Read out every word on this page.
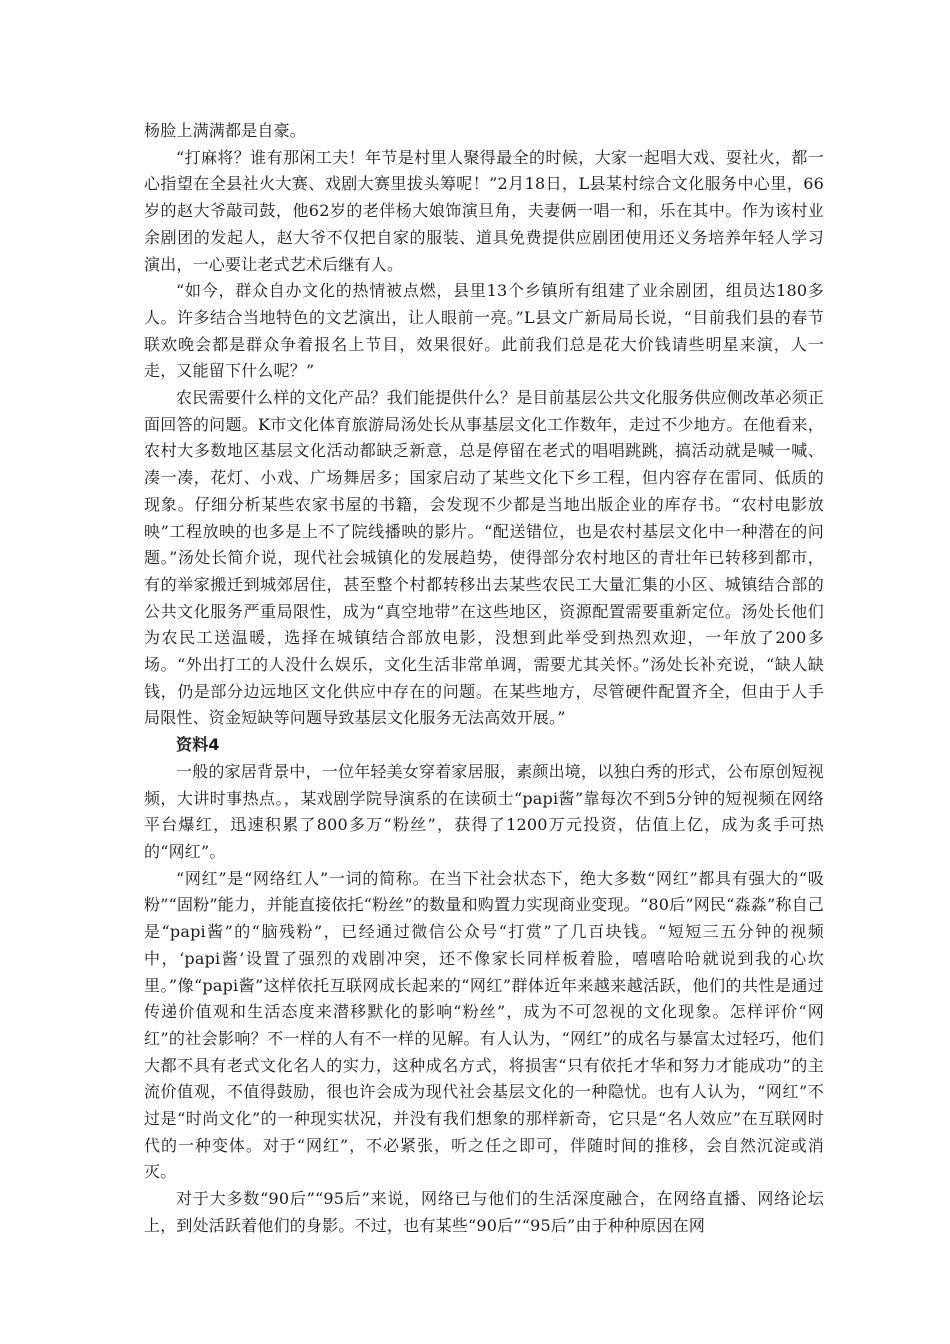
杨脸上满满都是自豪。

“打麻将？谁有那闲工夫！年节是村里人聚得最全的时候，大家一起唱大戏、耍社火，都一心指望在全县社火大赛、戏剧大赛里拔头筹呢！”2月18日，L县某村综合文化服务中心里，66岁的赵大爷敲司鼓，他62岁的老伴杨大娘饰演旦角，夫妻俩一唱一和，乐在其中。作为该村业余剧团的发起人，赵大爷不仅把自家的服装、道具免费提供应剧团使用还义务培养年轻人学习演出，一心要让老式艺术后继有人。

“如今，群众自办文化的热情被点燃，县里13个乡镇所有组建了业余剧团，组员达180多人。许多结合当地特色的文艺演出，让人眼前一亮。”L县文广新局局长说，“目前我们县的春节联欢晚会都是群众争着报名上节目，效果很好。此前我们总是花大价钱请些明星来演，人一走，又能留下什么呢？”

农民需要什么样的文化产品？我们能提供什么？是目前基层公共文化服务供应侧改革必须正面回答的问题。K市文化体育旅游局汤处长从事基层文化工作数年，走过不少地方。在他看来，农村大多数地区基层文化活动都缺乏新意，总是停留在老式的唱唱跳跳，搞活动就是喊一喊、凑一凑，花灯、小戏、广场舞居多；国家启动了某些文化下乡工程，但内容存在雷同、低质的现象。仔细分析某些农家书屋的书籍，会发现不少都是当地出版企业的库存书。“农村电影放映”工程放映的也多是上不了院线播映的影片。“配送错位，也是农村基层文化中一种潜在的问题。”汤处长简介说，现代社会城镇化的发展趋势，使得部分农村地区的青壮年已转移到都市，有的举家搬迁到城郊居住，甚至整个村都转移出去某些农民工大量汇集的小区、城镇结合部的公共文化服务严重局限性，成为“真空地带”在这些地区，资源配置需要重新定位。汤处长他们为农民工送温暖，选择在城镇结合部放电影，没想到此举受到热烈欢迎，一年放了200多场。“外出打工的人没什么娱乐，文化生活非常单调，需要尤其关怀。”汤处长补充说，“缺人缺钱，仍是部分边远地区文化供应中存在的问题。在某些地方，尽管硬件配置齐全，但由于人手局限性、资金短缺等问题导致基层文化服务无法高效开展。”

资料4

一般的家居背景中，一位年轻美女穿着家居服，素颜出境，以独白秀的形式，公布原创短视频，大讲时事热点。，某戏剧学院导演系的在读硕士“papi酱”靠每次不到5分钟的短视频在网络平台爆红，迅速积累了800多万“粉丝”，获得了1200万元投资，估值上亿，成为炙手可热的“网红”。

“网红”是“网络红人”一词的简称。在当下社会状态下，绝大多数“网红”都具有强大的“吸粉”“固粉”能力，并能直接依托“粉丝”的数量和购置力实现商业变现。“80后”网民“淼淼”称自己是“papi酱”的“脑残粉”，已经通过微信公众号“打赏”了几百块钱。“短短三五分钟的视频中，‘papi酱’设置了强烈的戏剧冲突，还不像家长同样板着脸，嘻嘻哈哈就说到我的心坎里。”像“papi酱”这样依托互联网成长起来的“网红”群体近年来越来越活跃，他们的共性是通过传递价值观和生活态度来潜移默化的影响“粉丝”，成为不可忽视的文化现象。怎样评价“网红”的社会影响？不一样的人有不一样的见解。有人认为，“网红”的成名与暴富太过轻巧，他们大都不具有老式文化名人的实力，这种成名方式，将损害“只有依托才华和努力才能成功”的主流价值观，不值得鼓励，很也许会成为现代社会基层文化的一种隐忧。也有人认为，“网红”不过是“时尚文化”的一种现实状况，并没有我们想象的那样新奇，它只是“名人效应”在互联网时代的一种变体。对于“网红”，不必紧张，听之任之即可，伴随时间的推移，会自然沉淀或消灭。

对于大多数“90后”“95后”来说，网络已与他们的生活深度融合，在网络直播、网络论坛上，到处活跃着他们的身影。不过，也有某些“90后”“95后”由于种种原因在网
